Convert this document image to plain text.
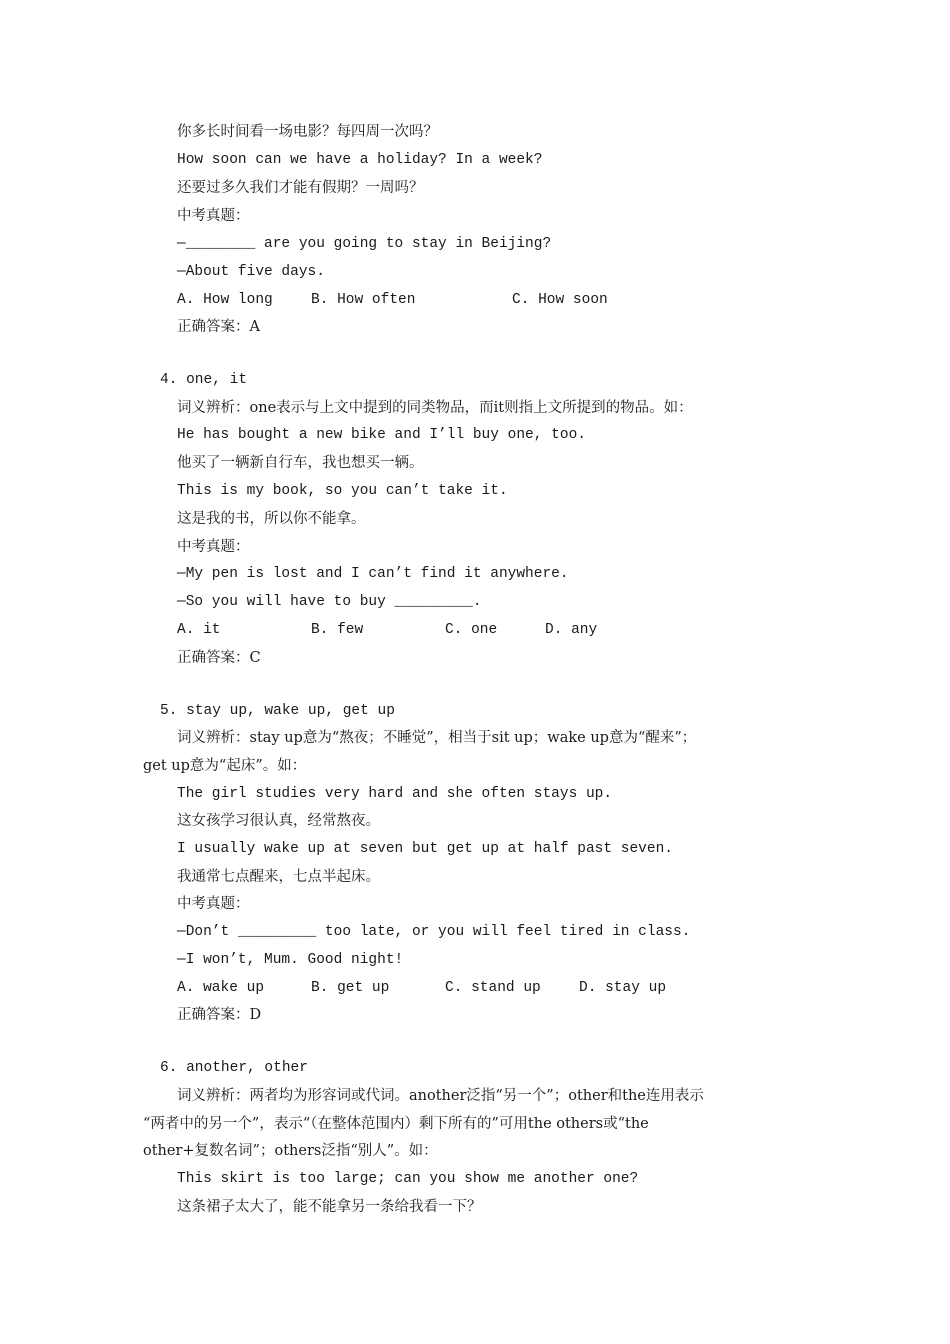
你多长时间看一场电影？每四周一次吗？
How soon can we have a holiday? In a week?
还要过多久我们才能有假期？一周吗？
中考真题：
—________ are you going to stay in Beijing?
—About five days.
A. How long	B. How often	C. How soon
正确答案：A
4. one, it
词义辨析：one表示与上文中提到的同类物品，而it则指上文所提到的物品。如：
He has bought a new bike and I’ll buy one, too.
他买了一辆新自行车，我也想买一辆。
This is my book, so you can’t take it.
这是我的书，所以你不能拿。
中考真题：
—My pen is lost and I can’t find it anywhere.
—So you will have to buy _________.
A. it	B. few	C. one	D. any
正确答案：C
5. stay up, wake up, get up
词义辨析：stay up意为“熬夜；不睡觉”，相当于sit up；wake up意为“醒来”；
get up意为“起床”。如：
The girl studies very hard and she often stays up.
这女孩学习很认真，经常熬夜。
I usually wake up at seven but get up at half past seven.
我通常七点醒来，七点半起床。
中考真题：
—Don’t _________ too late, or you will feel tired in class.
—I won’t, Mum. Good night!
A. wake up	B. get up	C. stand up	D. stay up
正确答案：D
6. another, other
词义辨析：两者均为形容词或代词。another泛指“另一个”；other和the连用表示
“两者中的另一个”，表示“（在整体范围内）剩下所有的”可用the others或“the
other+复数名词”；others泛指“别人”。如：
This skirt is too large; can you show me another one?
这条裙子太大了，能不能拿另一条给我看一下？
